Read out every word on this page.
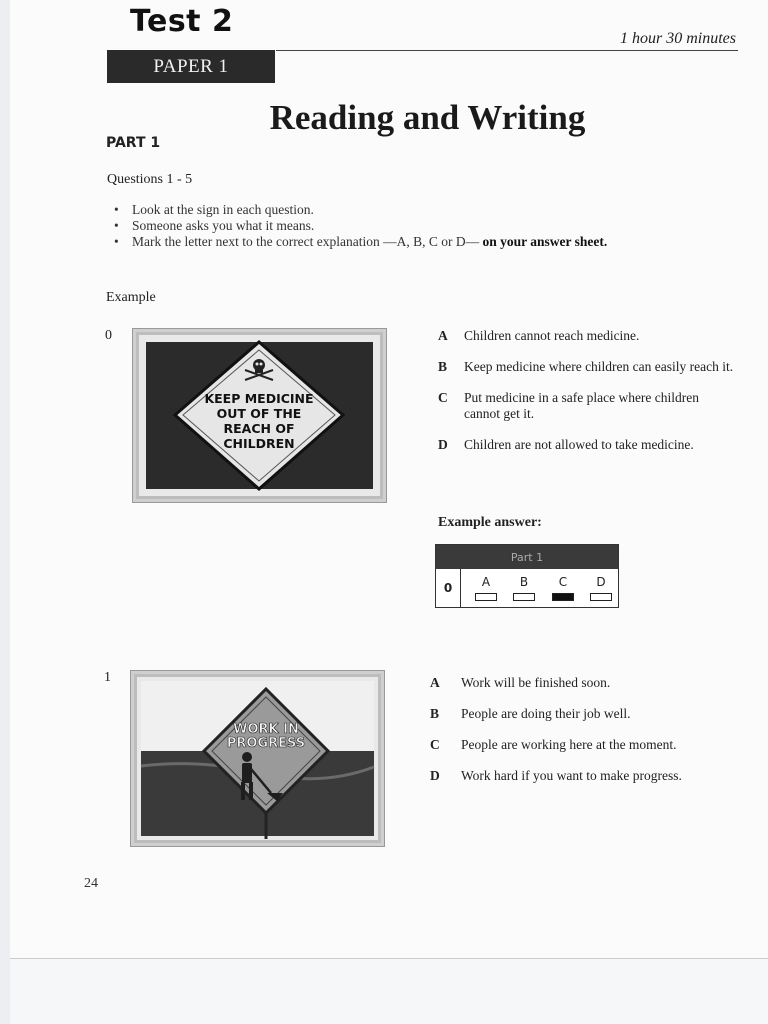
Test 2	1 hour 30 minutes
PAPER 1
Reading and Writing
PART 1
Questions 1 - 5
• Look at the sign in each question.
• Someone asks you what it means.
• Mark the letter next to the correct explanation —A, B, C or D— on your answer sheet.
Example
0
KEEP MEDICINE
OUT OF THE
REACH OF
CHILDREN
A	Children cannot reach medicine.
B	Keep medicine where children can easily reach it.
C	Put medicine in a safe place where children cannot get it.
D	Children are not allowed to take medicine.
Example answer:
Part 1
0	A	B	C	D
1
WORK IN
PROGRESS
A	Work will be finished soon.
B	People are doing their job well.
C	People are working here at the moment.
D	Work hard if you want to make progress.
24
